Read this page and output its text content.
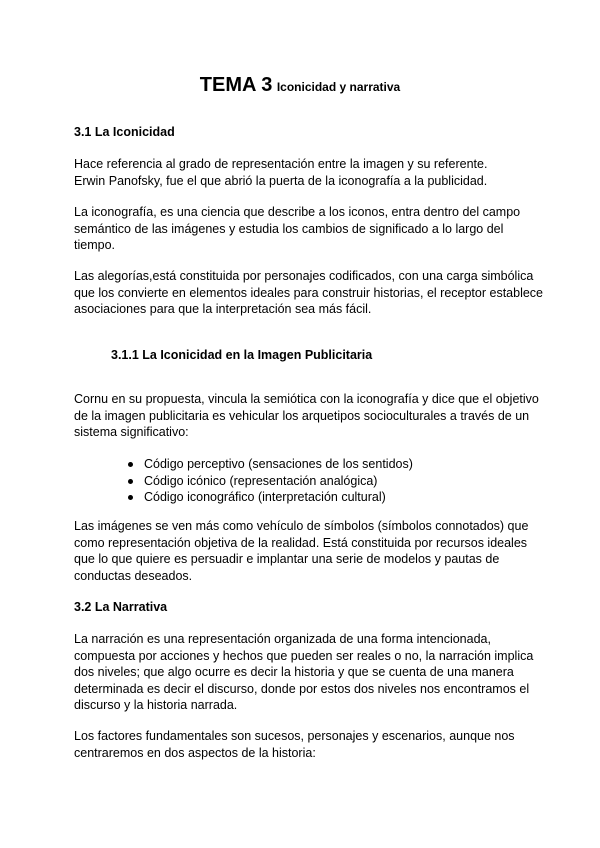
TEMA 3 Iconicidad y narrativa
3.1 La Iconicidad
Hace referencia al grado de representación entre la imagen y su referente.
Erwin Panofsky, fue el que abrió la puerta de la iconografía a la publicidad.
La iconografía, es una ciencia que describe a los iconos, entra dentro del campo
semántico de las imágenes y estudia los cambios de significado a lo largo del
tiempo.
Las alegorías,está constituida por personajes codificados, con una carga simbólica
que los convierte en elementos ideales para construir historias, el receptor establece
asociaciones para que la interpretación sea más fácil.
3.1.1 La Iconicidad en la Imagen Publicitaria
Cornu en su propuesta, vincula la semiótica con la iconografía y dice que el objetivo
de la imagen publicitaria es vehicular los arquetipos socioculturales a través de un
sistema significativo:
Código perceptivo (sensaciones de los sentidos)
Código icónico (representación analógica)
Código iconográfico (interpretación cultural)
Las imágenes se ven más como vehículo de símbolos (símbolos connotados) que
como representación objetiva de la realidad. Está constituida por recursos ideales
que lo que quiere es persuadir e implantar una serie de modelos y pautas de
conductas deseados.
3.2 La Narrativa
La narración es una representación organizada de una forma intencionada,
compuesta por acciones y hechos que pueden ser reales o no, la narración implica
dos niveles; que algo ocurre es decir la historia y que se cuenta de una manera
determinada es decir el discurso, donde por estos dos niveles nos encontramos el
discurso y la historia narrada.
Los factores fundamentales son sucesos, personajes y escenarios, aunque nos
centraremos en dos aspectos de la historia:
